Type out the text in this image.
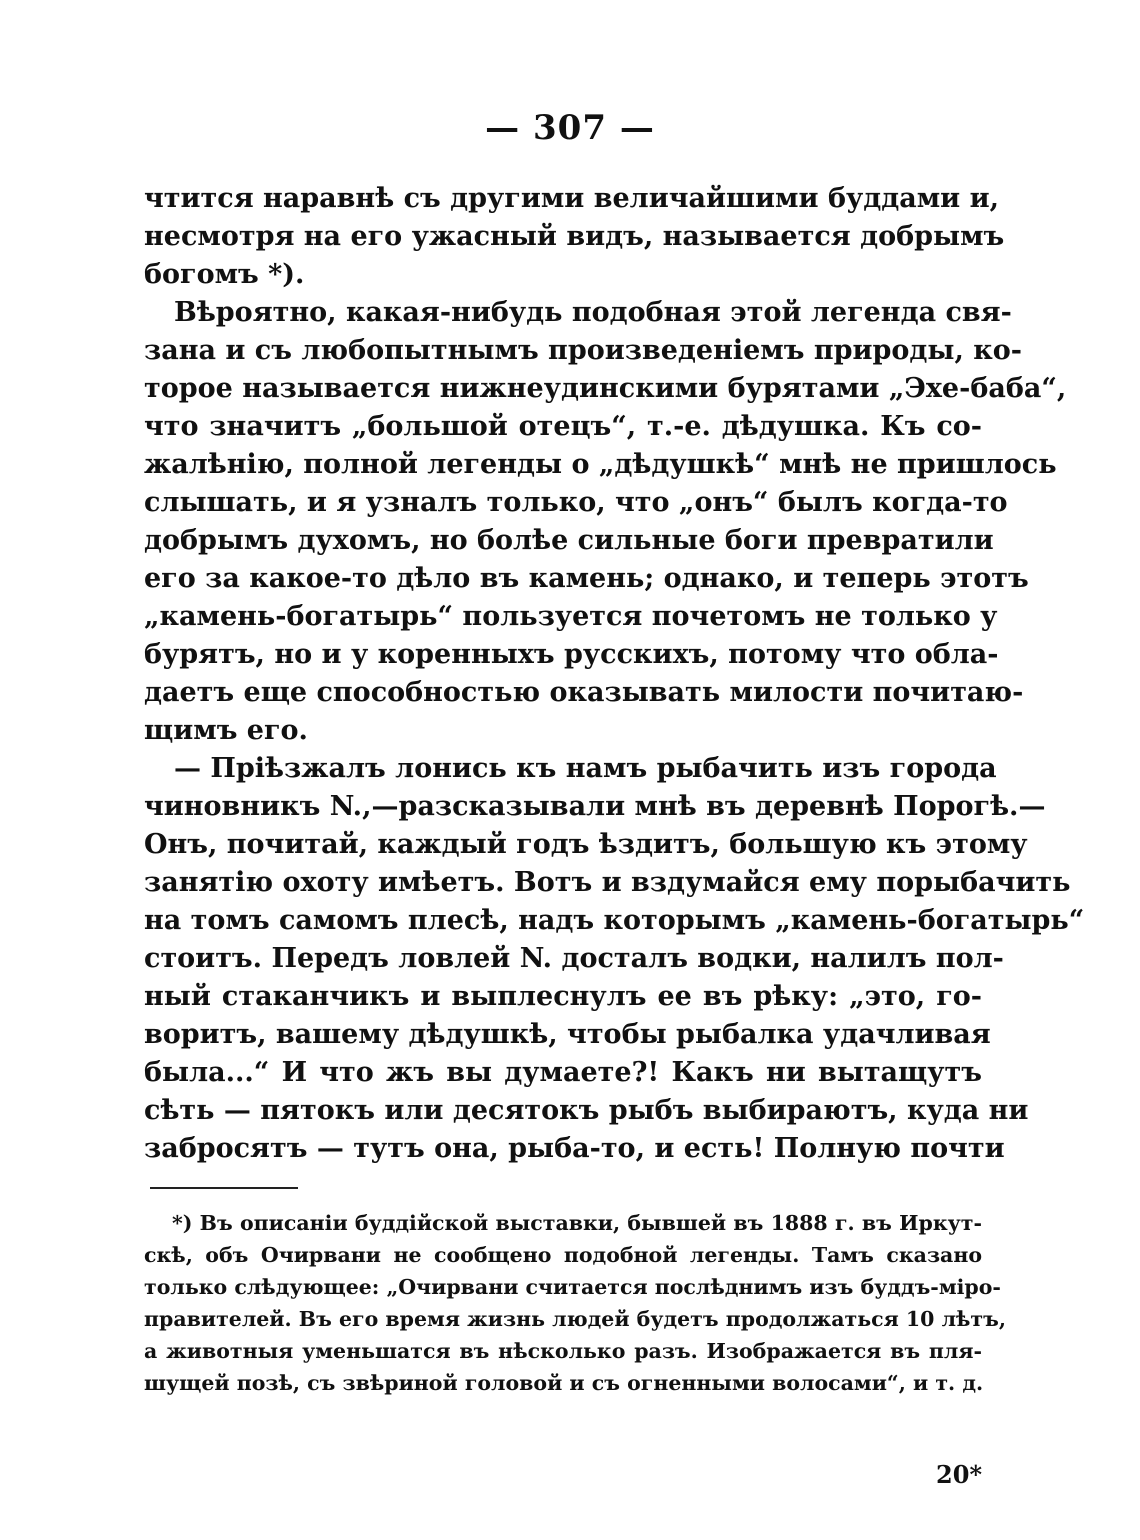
— 307 —
чтится наравнѣ съ другими величайшими буддами и,
несмотря на его ужасный видъ, называется добрымъ
богомъ *).
Вѣроятно, какая-нибудь подобная этой легенда свя-
зана и съ любопытнымъ произведеніемъ природы, ко-
торое называется нижнеудинскими бурятами „Эхе-баба“,
что значитъ „большой отецъ“, т.-е. дѣдушка. Къ со-
жалѣнію, полной легенды о „дѣдушкѣ“ мнѣ не пришлось
слышать, и я узналъ только, что „онъ“ былъ когда-то
добрымъ духомъ, но болѣе сильные боги превратили
его за какое-то дѣло въ камень; однако, и теперь этотъ
„камень-богатырь“ пользуется почетомъ не только у
бурятъ, но и у коренныхъ русскихъ, потому что обла-
даетъ еще способностью оказывать милости почитаю-
щимъ его.
— Пріѣзжалъ лонись къ намъ рыбачить изъ города
чиновникъ N.,—разсказывали мнѣ въ деревнѣ Порогѣ.—
Онъ, почитай, каждый годъ ѣздитъ, большую къ этому
занятію охоту имѣетъ. Вотъ и вздумайся ему порыбачить
на томъ самомъ плесѣ, надъ которымъ „камень-богатырь“
стоитъ. Передъ ловлей N. досталъ водки, налилъ пол-
ный стаканчикъ и выплеснулъ ее въ рѣку: „это, го-
воритъ, вашему дѣдушкѣ, чтобы рыбалка удачливая
была...“ И что жъ вы думаете?! Какъ ни вытащутъ
сѣть — пятокъ или десятокъ рыбъ выбираютъ, куда ни
забросятъ — тутъ она, рыба-то, и есть! Полную почти
*) Въ описаніи буддійской выставки, бывшей въ 1888 г. въ Иркут-
скѣ, объ Очирвани не сообщено подобной легенды. Тамъ сказано
только слѣдующее: „Очирвани считается послѣднимъ изъ буддъ-міро-
правителей. Въ его время жизнь людей будетъ продолжаться 10 лѣтъ,
а животныя уменьшатся въ нѣсколько разъ. Изображается въ пля-
шущей позѣ, съ звѣриной головой и съ огненными волосами“, и т. д.
20*
